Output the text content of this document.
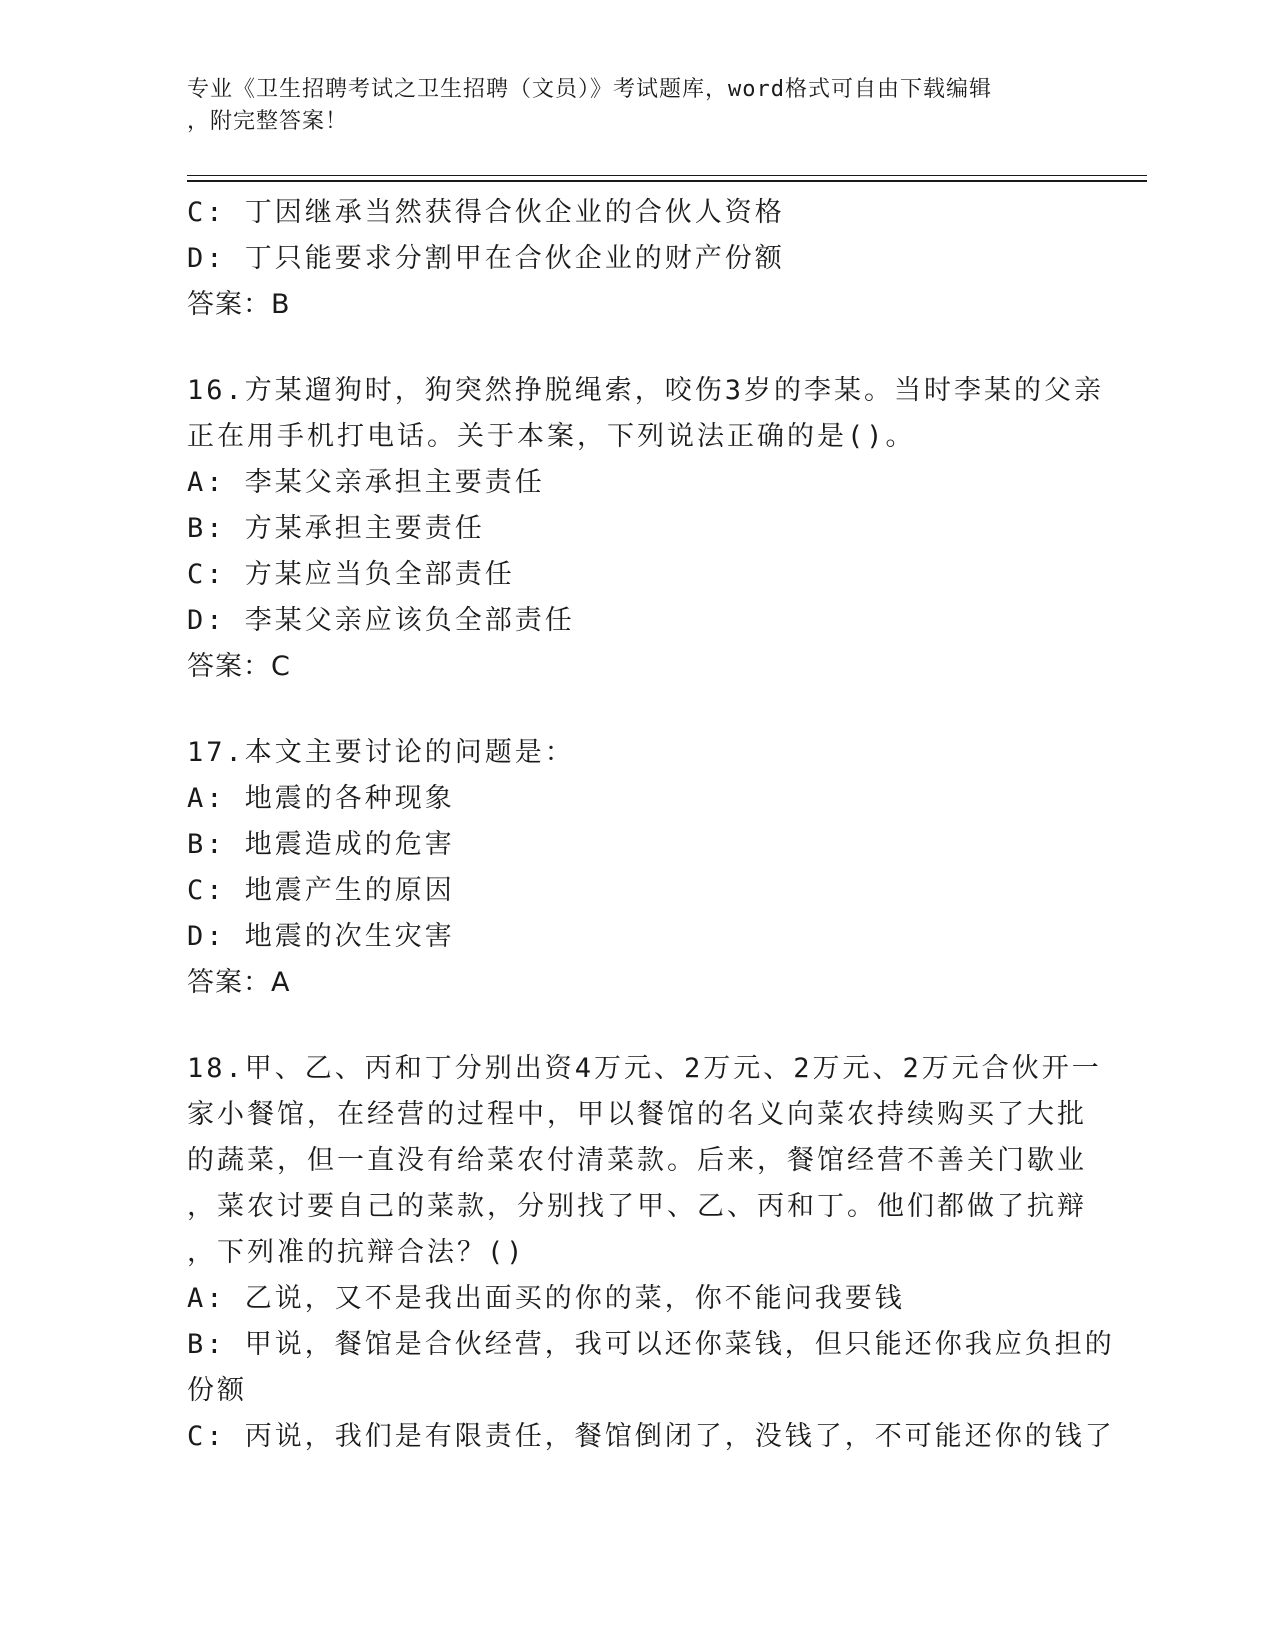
专业《卫生招聘考试之卫生招聘（文员）》考试题库，word格式可自由下载编辑
，附完整答案！
C: 丁因继承当然获得合伙企业的合伙人资格
D: 丁只能要求分割甲在合伙企业的财产份额
答案：B
16.方某遛狗时，狗突然挣脱绳索，咬伤3岁的李某。当时李某的父亲
正在用手机打电话。关于本案，下列说法正确的是()。
A: 李某父亲承担主要责任
B: 方某承担主要责任
C: 方某应当负全部责任
D: 李某父亲应该负全部责任
答案：C
17.本文主要讨论的问题是：
A: 地震的各种现象
B: 地震造成的危害
C: 地震产生的原因
D: 地震的次生灾害
答案：A
18.甲、乙、丙和丁分别出资4万元、2万元、2万元、2万元合伙开一
家小餐馆，在经营的过程中，甲以餐馆的名义向菜农持续购买了大批
的蔬菜，但一直没有给菜农付清菜款。后来，餐馆经营不善关门歇业
，菜农讨要自己的菜款，分别找了甲、乙、丙和丁。他们都做了抗辩
，下列准的抗辩合法？()
A: 乙说，又不是我出面买的你的菜，你不能问我要钱
B: 甲说，餐馆是合伙经营，我可以还你菜钱，但只能还你我应负担的
份额
C: 丙说，我们是有限责任，餐馆倒闭了，没钱了，不可能还你的钱了
